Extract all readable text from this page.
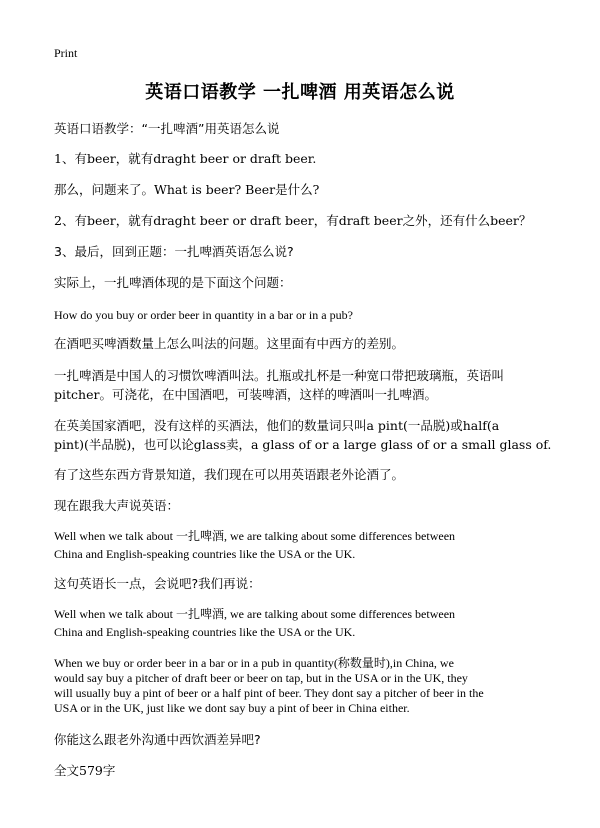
Print
英语口语教学 一扎啤酒 用英语怎么说
英语口语教学：“一扎啤酒”用英语怎么说
1、有beer，就有draght beer or draft beer.
那么，问题来了。What is beer? Beer是什么?
2、有beer，就有draght beer or draft beer，有draft beer之外，还有什么beer？
3、最后，回到正题：一扎啤酒英语怎么说?
实际上，一扎啤酒体现的是下面这个问题：
How do you buy or order beer in quantity in a bar or in a pub?
在酒吧买啤酒数量上怎么叫法的问题。这里面有中西方的差别。
一扎啤酒是中国人的习惯饮啤酒叫法。扎瓶或扎杯是一种宽口带把玻璃瓶，英语叫
pitcher。可浇花，在中国酒吧，可装啤酒，这样的啤酒叫一扎啤酒。
在英美国家酒吧，没有这样的买酒法，他们的数量词只叫a pint(一品脱)或half(a
pint)(半品脱)，也可以论glass卖，a glass of or a large glass of or a small glass of.
有了这些东西方背景知道，我们现在可以用英语跟老外论酒了。
现在跟我大声说英语：
Well when we talk about 一扎啤酒, we are talking about some differences between
China and English-speaking countries like the USA or the UK.
这句英语长一点，会说吧?我们再说：
Well when we talk about 一扎啤酒, we are talking about some differences between
China and English-speaking countries like the USA or the UK.
When we buy or order beer in a bar or in a pub in quantity(称数量时),in China, we
would say buy a pitcher of draft beer or beer on tap, but in the USA or in the UK, they
will usually buy a pint of beer or a half pint of beer. They dont say a pitcher of beer in the
USA or in the UK, just like we dont say buy a pint of beer in China either.
你能这么跟老外沟通中西饮酒差异吧?
全文579字
